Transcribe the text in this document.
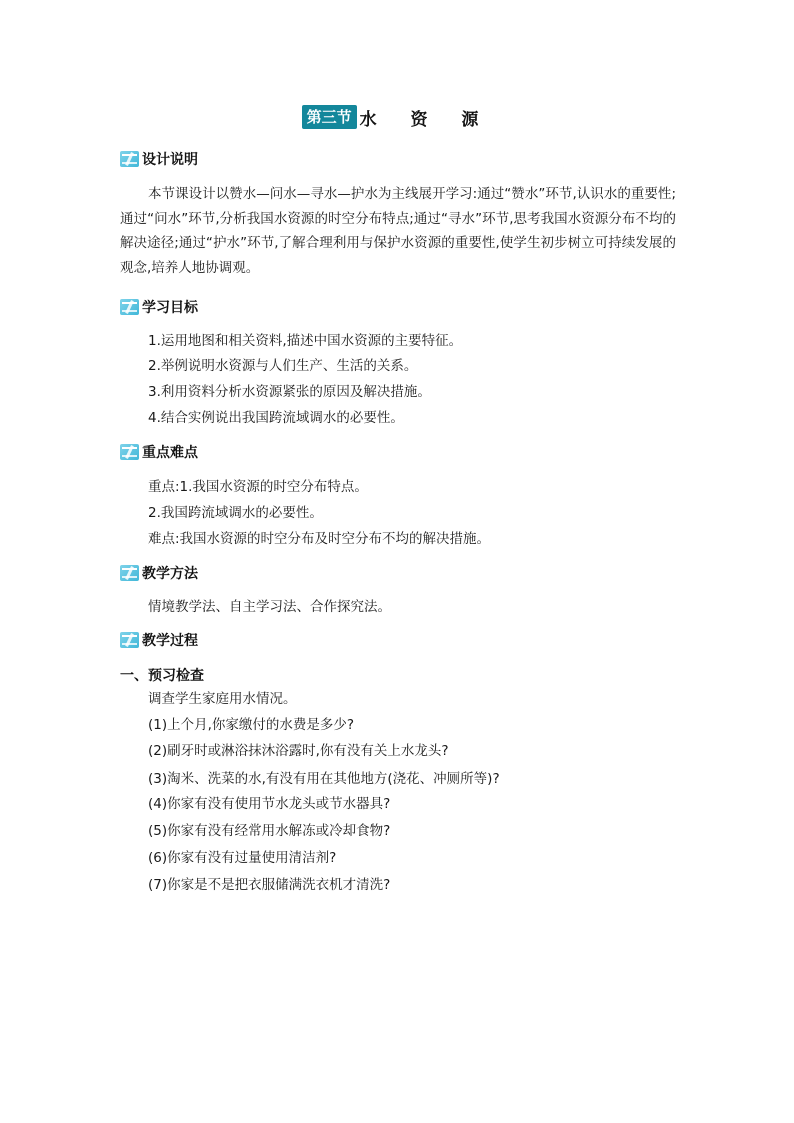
第三节 水 资 源
设计说明
本节课设计以赞水—问水—寻水—护水为主线展开学习:通过“赞水”环节,认识水的重要性;通过“问水”环节,分析我国水资源的时空分布特点;通过“寻水”环节,思考我国水资源分布不均的解决途径;通过“护水”环节,了解合理利用与保护水资源的重要性,使学生初步树立可持续发展的观念,培养人地协调观。
学习目标
1.运用地图和相关资料,描述中国水资源的主要特征。
2.举例说明水资源与人们生产、生活的关系。
3.利用资料分析水资源紧张的原因及解决措施。
4.结合实例说出我国跨流域调水的必要性。
重点难点
重点:1.我国水资源的时空分布特点。
2.我国跨流域调水的必要性。
难点:我国水资源的时空分布及时空分布不均的解决措施。
教学方法
情境教学法、自主学习法、合作探究法。
教学过程
一、预习检查
调查学生家庭用水情况。
(1)上个月,你家缴付的水费是多少?
(2)刷牙时或淋浴抹沐浴露时,你有没有关上水龙头?
(3)淘米、洗菜的水,有没有用在其他地方(浇花、冲厕所等)?
(4)你家有没有使用节水龙头或节水器具?
(5)你家有没有经常用水解冻或冷却食物?
(6)你家有没有过量使用清洁剂?
(7)你家是不是把衣服储满洗衣机才清洗?
